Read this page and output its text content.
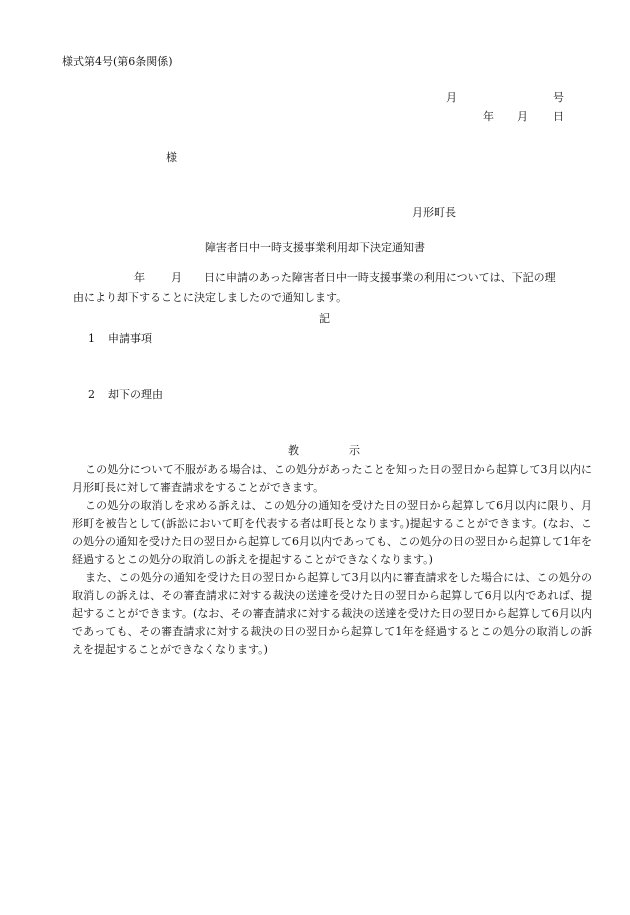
様式第4号(第6条関係)
月	号
年 月 日
様
月形町長
障害者日中一時支援事業利用却下決定通知書
年 月 日に申請のあった障害者日中一時支援事業の利用については、下記の理
由により却下することに決定しましたので通知します。
記
1 申請事項
2 却下の理由
教	示

この処分について不服がある場合は、この処分があったことを知った日の翌日から起算して3月以内に月形町長に対して審査請求をすることができます。

この処分の取消しを求める訴えは、この処分の通知を受けた日の翌日から起算して6月以内に限り、月形町を被告として(訴訟において町を代表する者は町長となります。)提起することができます。(なお、この処分の通知を受けた日の翌日から起算して6月以内であっても、この処分の日の翌日から起算して1年を経過するとこの処分の取消しの訴えを提起することができなくなります。)

また、この処分の通知を受けた日の翌日から起算して3月以内に審査請求をした場合には、この処分の取消しの訴えは、その審査請求に対する裁決の送達を受けた日の翌日から起算して6月以内であれば、提起することができます。(なお、その審査請求に対する裁決の送達を受けた日の翌日から起算して6月以内であっても、その審査請求に対する裁決の日の翌日から起算して1年を経過するとこの処分の取消しの訴えを提起することができなくなります。)
